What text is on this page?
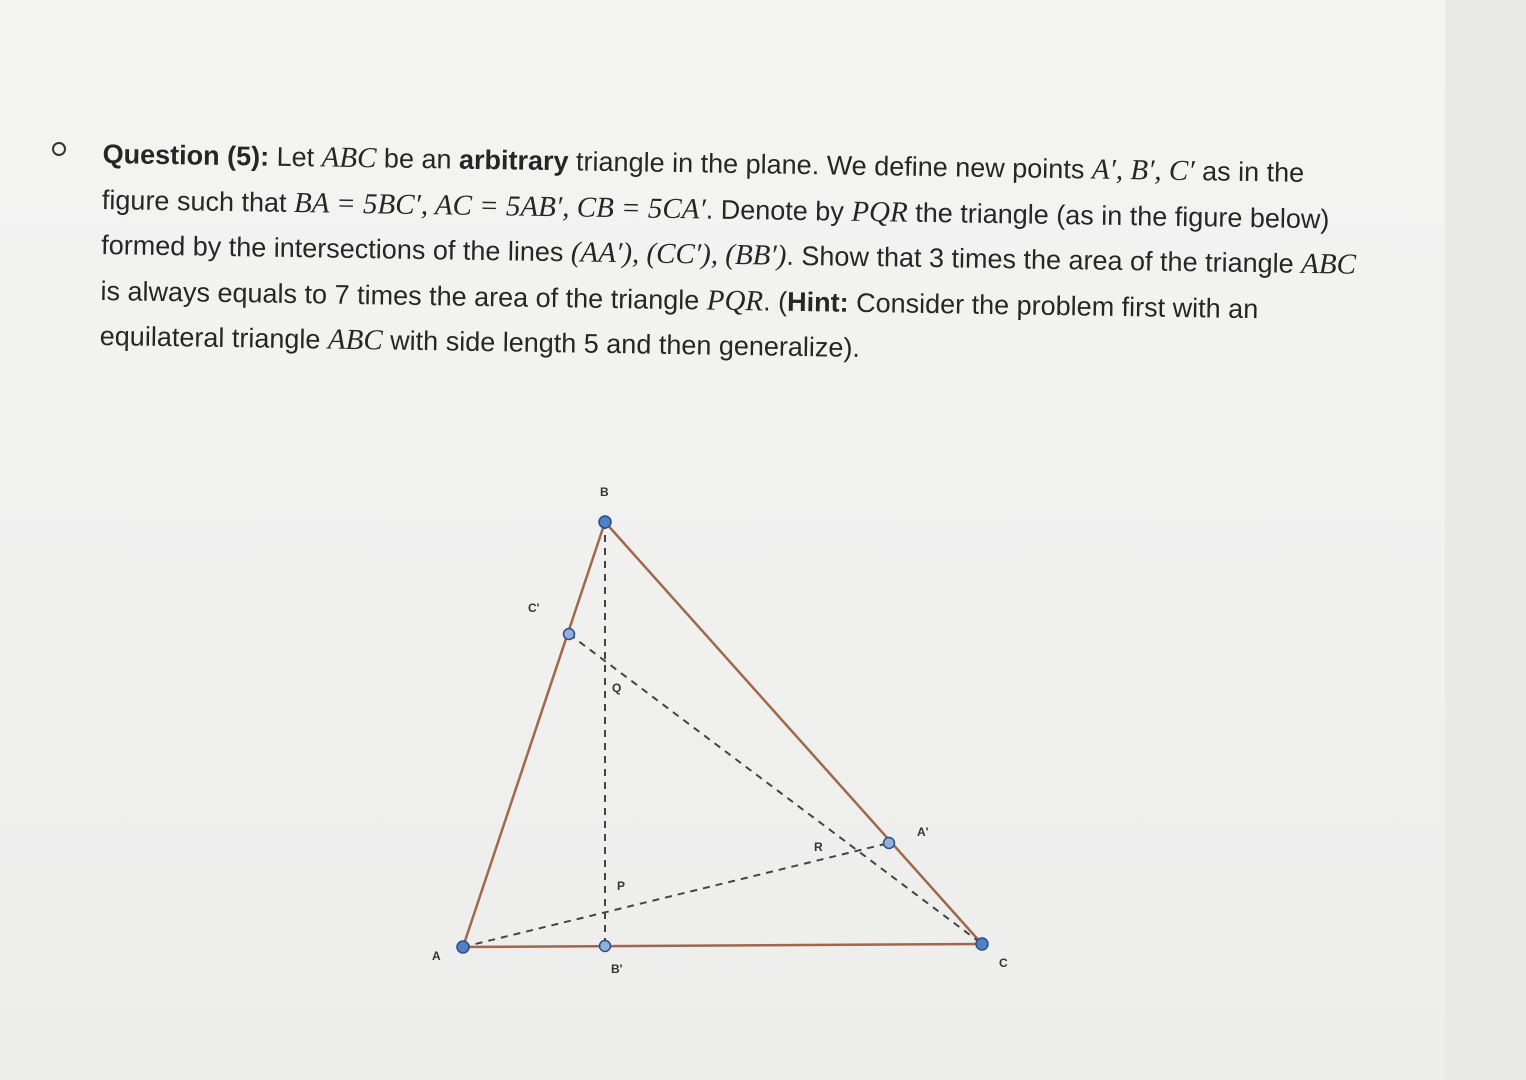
Question (5): Let ABC be an arbitrary triangle in the plane. We define new points A′, B′, C′ as in the figure such that BA = 5BC′, AC = 5AB′, CB = 5CA′. Denote by PQR the triangle (as in the figure below) formed by the intersections of the lines (AA′), (CC′), (BB′). Show that 3 times the area of the triangle ABC is always equals to 7 times the area of the triangle PQR. (Hint: Consider the problem first with an equilateral triangle ABC with side length 5 and then generalize).

A
B
C
A'
B'
C'
P
Q
R
